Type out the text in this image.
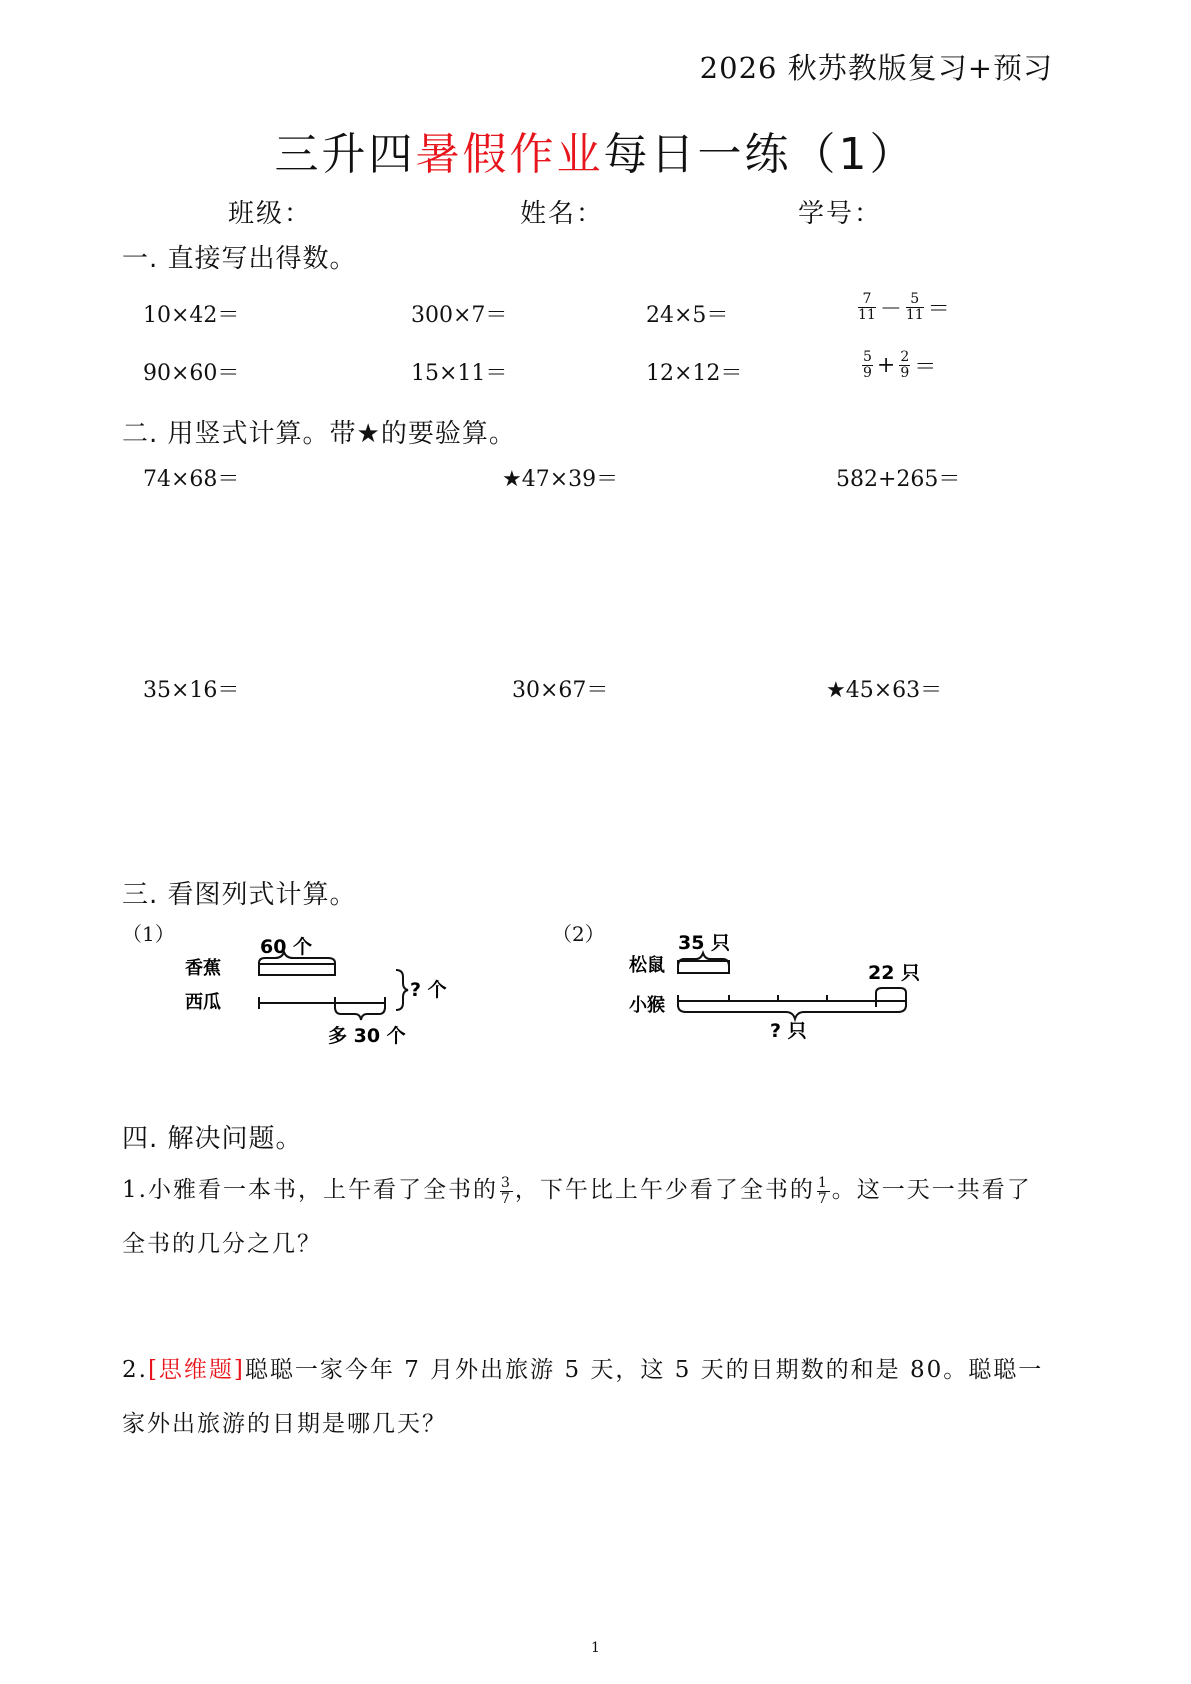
2026 秋苏教版复习+预习
三升四暑假作业每日一练（1）
班级：	姓名：	学号：
一. 直接写出得数。
10×42＝	300×7＝	24×5＝	$\frac{7}{11} - \frac{5}{11}$ ＝
90×60＝	15×11＝	12×12＝	$\frac{5}{9} + \frac{2}{9}$ ＝
二. 用竖式计算。带★的要验算。
74×68＝	★47×39＝	582+265＝
35×16＝	30×67＝	★45×63＝
三. 看图列式计算。
（1）	（2）
60 个
香蕉
西瓜
? 个
多 30 个
35 只
松鼠	22 只
小猴
? 只
四. 解决问题。
1.小雅看一本书，上午看了全书的 $\frac{3}{7}$ ，下午比上午少看了全书的 $\frac{1}{7}$ 。这一天一共看了
全书的几分之几？
2.[思维题]聪聪一家今年 7 月外出旅游 5 天，这 5 天的日期数的和是 80。聪聪一
家外出旅游的日期是哪几天？
1
